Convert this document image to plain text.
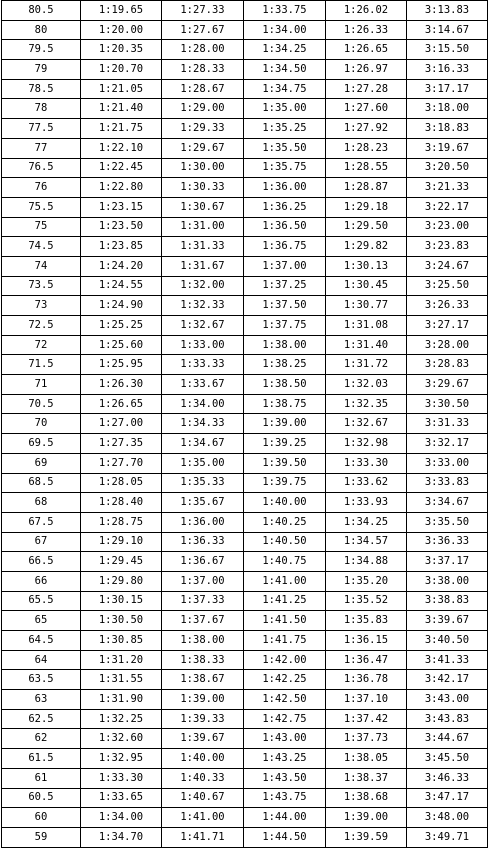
80.5	1:19.65	1:27.33	1:33.75	1:26.02	3:13.83
80	1:20.00	1:27.67	1:34.00	1:26.33	3:14.67
79.5	1:20.35	1:28.00	1:34.25	1:26.65	3:15.50
79	1:20.70	1:28.33	1:34.50	1:26.97	3:16.33
78.5	1:21.05	1:28.67	1:34.75	1:27.28	3:17.17
78	1:21.40	1:29.00	1:35.00	1:27.60	3:18.00
77.5	1:21.75	1:29.33	1:35.25	1:27.92	3:18.83
77	1:22.10	1:29.67	1:35.50	1:28.23	3:19.67
76.5	1:22.45	1:30.00	1:35.75	1:28.55	3:20.50
76	1:22.80	1:30.33	1:36.00	1:28.87	3:21.33
75.5	1:23.15	1:30.67	1:36.25	1:29.18	3:22.17
75	1:23.50	1:31.00	1:36.50	1:29.50	3:23.00
74.5	1:23.85	1:31.33	1:36.75	1:29.82	3:23.83
74	1:24.20	1:31.67	1:37.00	1:30.13	3:24.67
73.5	1:24.55	1:32.00	1:37.25	1:30.45	3:25.50
73	1:24.90	1:32.33	1:37.50	1:30.77	3:26.33
72.5	1:25.25	1:32.67	1:37.75	1:31.08	3:27.17
72	1:25.60	1:33.00	1:38.00	1:31.40	3:28.00
71.5	1:25.95	1:33.33	1:38.25	1:31.72	3:28.83
71	1:26.30	1:33.67	1:38.50	1:32.03	3:29.67
70.5	1:26.65	1:34.00	1:38.75	1:32.35	3:30.50
70	1:27.00	1:34.33	1:39.00	1:32.67	3:31.33
69.5	1:27.35	1:34.67	1:39.25	1:32.98	3:32.17
69	1:27.70	1:35.00	1:39.50	1:33.30	3:33.00
68.5	1:28.05	1:35.33	1:39.75	1:33.62	3:33.83
68	1:28.40	1:35.67	1:40.00	1:33.93	3:34.67
67.5	1:28.75	1:36.00	1:40.25	1:34.25	3:35.50
67	1:29.10	1:36.33	1:40.50	1:34.57	3:36.33
66.5	1:29.45	1:36.67	1:40.75	1:34.88	3:37.17
66	1:29.80	1:37.00	1:41.00	1:35.20	3:38.00
65.5	1:30.15	1:37.33	1:41.25	1:35.52	3:38.83
65	1:30.50	1:37.67	1:41.50	1:35.83	3:39.67
64.5	1:30.85	1:38.00	1:41.75	1:36.15	3:40.50
64	1:31.20	1:38.33	1:42.00	1:36.47	3:41.33
63.5	1:31.55	1:38.67	1:42.25	1:36.78	3:42.17
63	1:31.90	1:39.00	1:42.50	1:37.10	3:43.00
62.5	1:32.25	1:39.33	1:42.75	1:37.42	3:43.83
62	1:32.60	1:39.67	1:43.00	1:37.73	3:44.67
61.5	1:32.95	1:40.00	1:43.25	1:38.05	3:45.50
61	1:33.30	1:40.33	1:43.50	1:38.37	3:46.33
60.5	1:33.65	1:40.67	1:43.75	1:38.68	3:47.17
60	1:34.00	1:41.00	1:44.00	1:39.00	3:48.00
59	1:34.70	1:41.71	1:44.50	1:39.59	3:49.71
